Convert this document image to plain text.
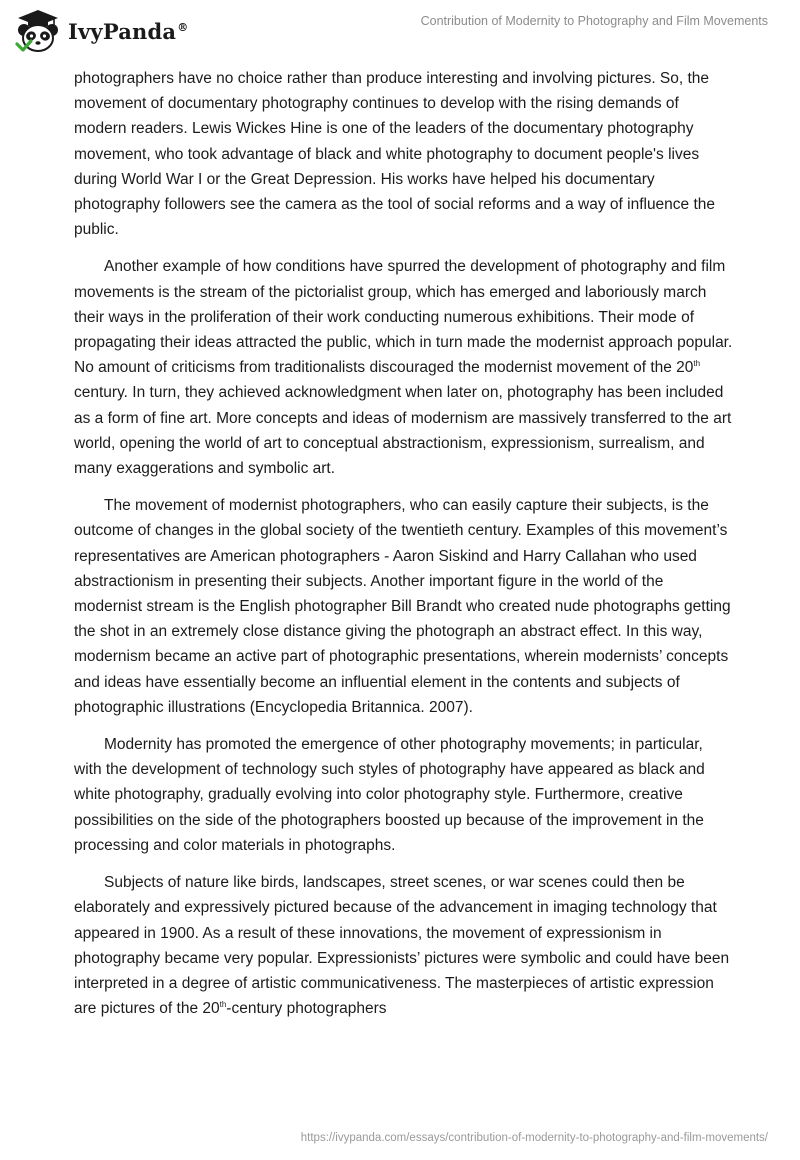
IvyPanda®	Contribution of Modernity to Photography and Film Movements

photographers have no choice rather than produce interesting and involving pictures. So, the movement of documentary photography continues to develop with the rising demands of modern readers. Lewis Wickes Hine is one of the leaders of the documentary photography movement, who took advantage of black and white photography to document people's lives during World War I or the Great Depression. His works have helped his documentary photography followers see the camera as the tool of social reforms and a way of influence the public.

Another example of how conditions have spurred the development of photography and film movements is the stream of the pictorialist group, which has emerged and laboriously march their ways in the proliferation of their work conducting numerous exhibitions. Their mode of propagating their ideas attracted the public, which in turn made the modernist approach popular. No amount of criticisms from traditionalists discouraged the modernist movement of the 20th century. In turn, they achieved acknowledgment when later on, photography has been included as a form of fine art. More concepts and ideas of modernism are massively transferred to the art world, opening the world of art to conceptual abstractionism, expressionism, surrealism, and many exaggerations and symbolic art.

The movement of modernist photographers, who can easily capture their subjects, is the outcome of changes in the global society of the twentieth century. Examples of this movement’s representatives are American photographers - Aaron Siskind and Harry Callahan who used abstractionism in presenting their subjects. Another important figure in the world of the modernist stream is the English photographer Bill Brandt who created nude photographs getting the shot in an extremely close distance giving the photograph an abstract effect. In this way, modernism became an active part of photographic presentations, wherein modernists’ concepts and ideas have essentially become an influential element in the contents and subjects of photographic illustrations (Encyclopedia Britannica. 2007).

Modernity has promoted the emergence of other photography movements; in particular, with the development of technology such styles of photography have appeared as black and white photography, gradually evolving into color photography style. Furthermore, creative possibilities on the side of the photographers boosted up because of the improvement in the processing and color materials in photographs.

Subjects of nature like birds, landscapes, street scenes, or war scenes could then be elaborately and expressively pictured because of the advancement in imaging technology that appeared in 1900. As a result of these innovations, the movement of expressionism in photography became very popular. Expressionists’ pictures were symbolic and could have been interpreted in a degree of artistic communicativeness. The masterpieces of artistic expression are pictures of the 20th-century photographers

https://ivypanda.com/essays/contribution-of-modernity-to-photography-and-film-movements/
